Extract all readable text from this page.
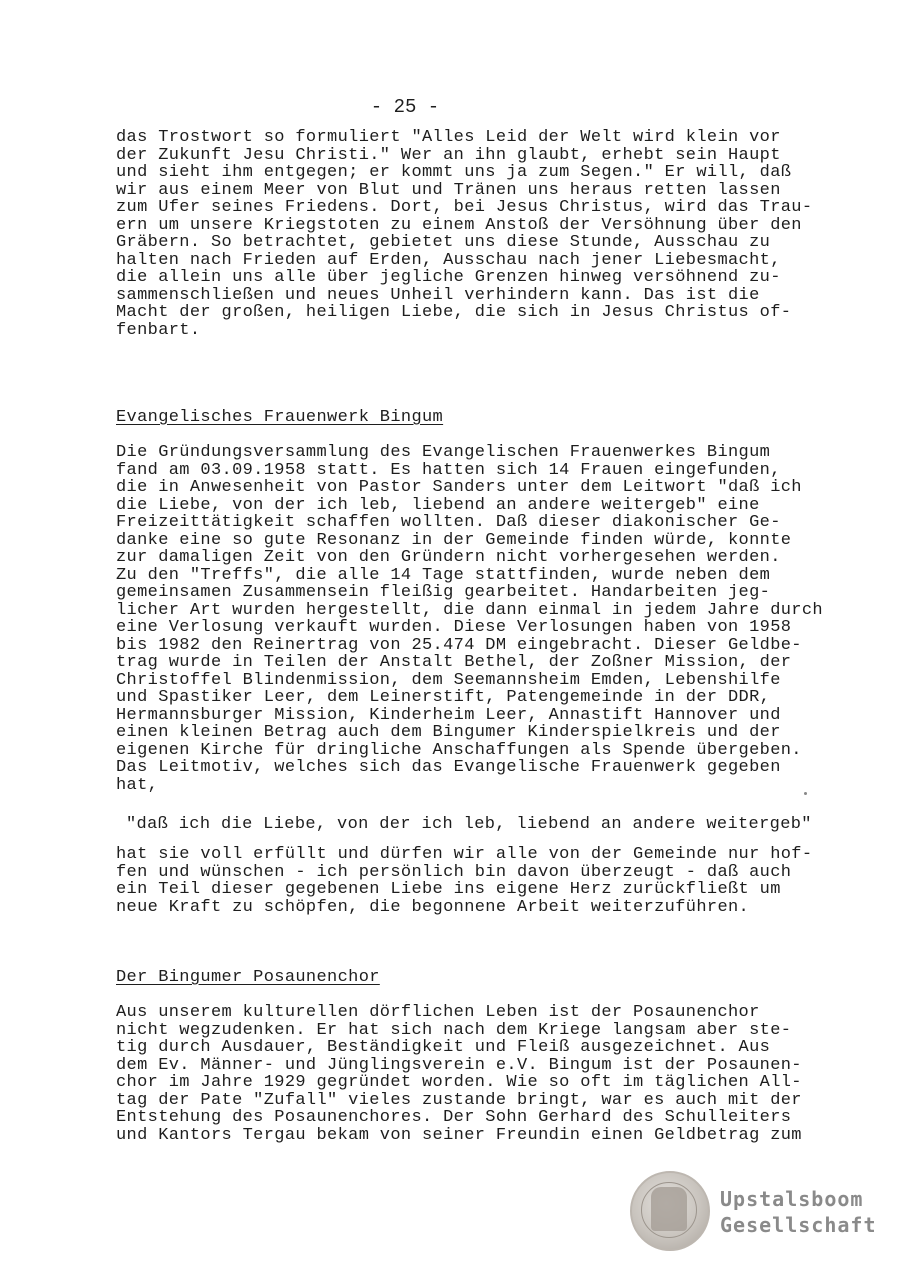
- 25 -
das Trostwort so formuliert "Alles Leid der Welt wird klein vor
der Zukunft Jesu Christi." Wer an ihn glaubt, erhebt sein Haupt
und sieht ihm entgegen; er kommt uns ja zum Segen." Er will, daß
wir aus einem Meer von Blut und Tränen uns heraus retten lassen
zum Ufer seines Friedens. Dort, bei Jesus Christus, wird das Trau-
ern um unsere Kriegstoten zu einem Anstoß der Versöhnung über den
Gräbern. So betrachtet, gebietet uns diese Stunde, Ausschau zu
halten nach Frieden auf Erden, Ausschau nach jener Liebesmacht,
die allein uns alle über jegliche Grenzen hinweg versöhnend zu-
sammenschließen und neues Unheil verhindern kann. Das ist die
Macht der großen, heiligen Liebe, die sich in Jesus Christus of-
fenbart.
Evangelisches Frauenwerk Bingum
Die Gründungsversammlung des Evangelischen Frauenwerkes Bingum
fand am 03.09.1958 statt. Es hatten sich 14 Frauen eingefunden,
die in Anwesenheit von Pastor Sanders unter dem Leitwort "daß ich
die Liebe, von der ich leb, liebend an andere weitergeb" eine
Freizeittätigkeit schaffen wollten. Daß dieser diakonischer Ge-
danke eine so gute Resonanz in der Gemeinde finden würde, konnte
zur damaligen Zeit von den Gründern nicht vorhergesehen werden.
Zu den "Treffs", die alle 14 Tage stattfinden, wurde neben dem
gemeinsamen Zusammensein fleißig gearbeitet. Handarbeiten jeg-
licher Art wurden hergestellt, die dann einmal in jedem Jahre durch
eine Verlosung verkauft wurden. Diese Verlosungen haben von 1958
bis 1982 den Reinertrag von 25.474 DM eingebracht. Dieser Geldbe-
trag wurde in Teilen der Anstalt Bethel, der Zoßner Mission, der
Christoffel Blindenmission, dem Seemannsheim Emden, Lebenshilfe
und Spastiker Leer, dem Leinerstift, Patengemeinde in der DDR,
Hermannsburger Mission, Kinderheim Leer, Annastift Hannover und
einen kleinen Betrag auch dem Bingumer Kinderspielkreis und der
eigenen Kirche für dringliche Anschaffungen als Spende übergeben.
Das Leitmotiv, welches sich das Evangelische Frauenwerk gegeben
hat,
"daß ich die Liebe, von der ich leb, liebend an andere weitergeb"
hat sie voll erfüllt und dürfen wir alle von der Gemeinde nur hof-
fen und wünschen - ich persönlich bin davon überzeugt - daß auch
ein Teil dieser gegebenen Liebe ins eigene Herz zurückfließt um
neue Kraft zu schöpfen, die begonnene Arbeit weiterzuführen.
Der Bingumer Posaunenchor
Aus unserem kulturellen dörflichen Leben ist der Posaunenchor
nicht wegzudenken. Er hat sich nach dem Kriege langsam aber ste-
tig durch Ausdauer, Beständigkeit und Fleiß ausgezeichnet. Aus
dem Ev. Männer- und Jünglingsverein e.V. Bingum ist der Posaunen-
chor im Jahre 1929 gegründet worden. Wie so oft im täglichen All-
tag der Pate "Zufall" vieles zustande bringt, war es auch mit der
Entstehung des Posaunenchores. Der Sohn Gerhard des Schulleiters
und Kantors Tergau bekam von seiner Freundin einen Geldbetrag zum
Upstalsboom
Gesellschaft
